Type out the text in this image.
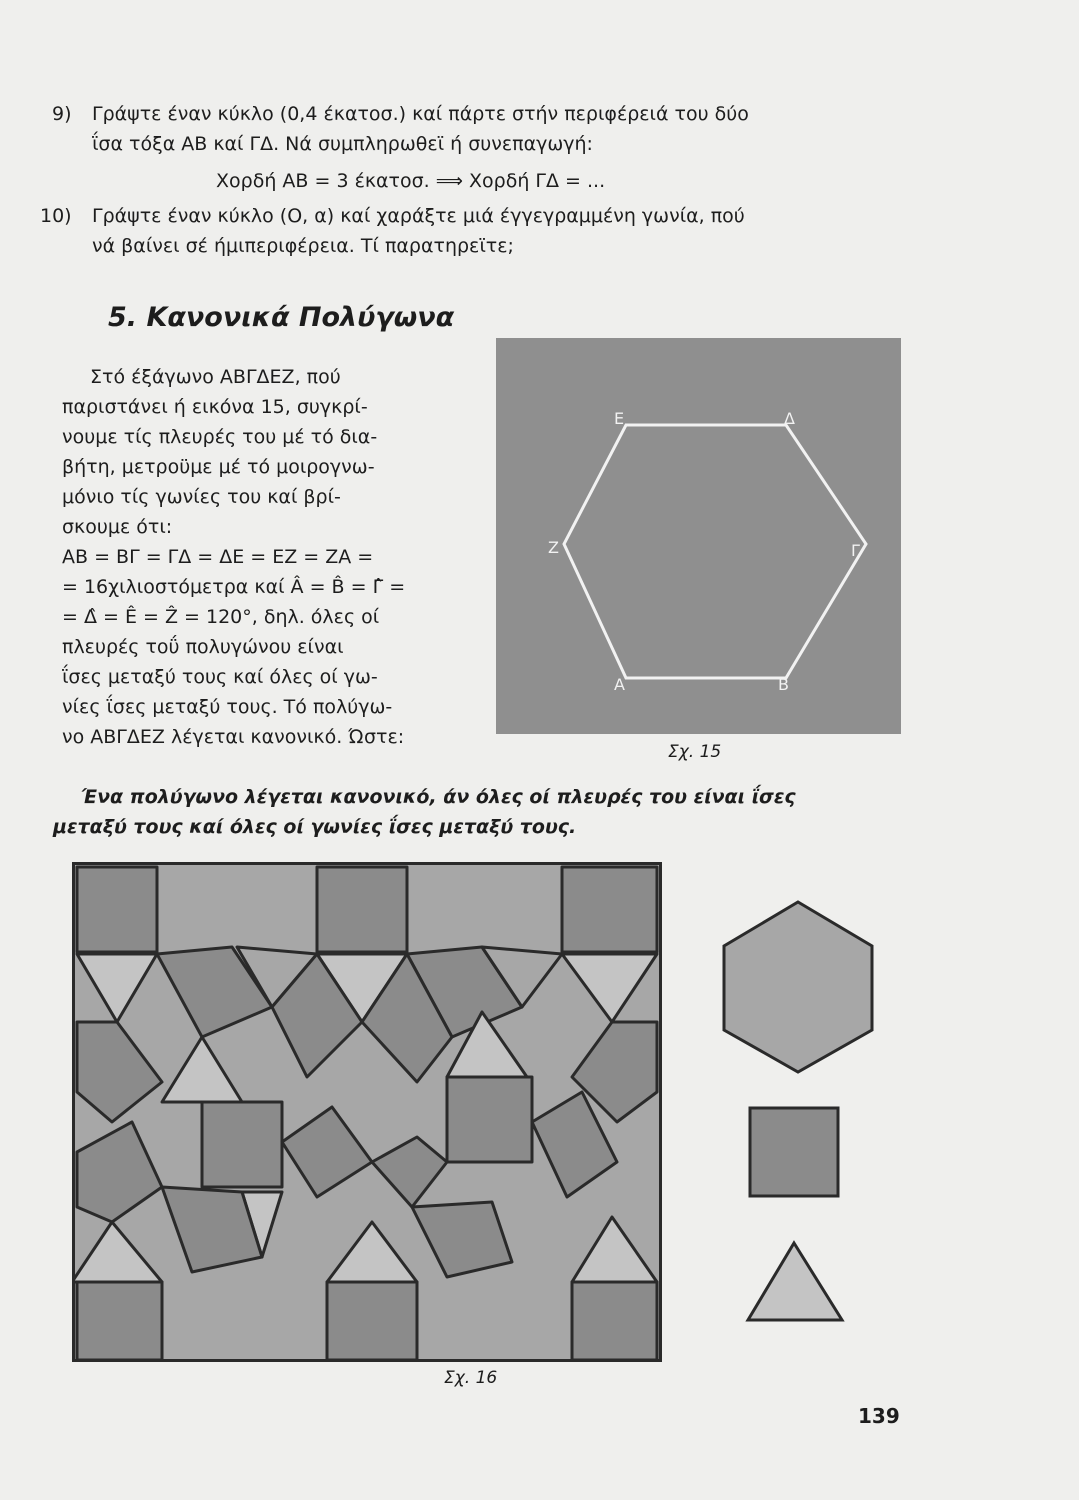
9) Γράψτε έναν κύκλο (0,4 έκατοσ.) καί πάρτε στήν περιφέρειά του δύο
ΐσα τόξα ΑΒ καί ΓΔ. Νά συμπληρωθεϊ ή συνεπαγωγή:
Χορδή ΑΒ = 3 έκατοσ. ⟹ Χορδή ΓΔ = ...
10) Γράψτε έναν κύκλο (Ο, α) καί χαράξτε μιά έγγεγραμμένη γωνία, πού
νά βαίνει σέ ήμιπεριφέρεια. Τί παρατηρεϊτε;
5. Κανονικά Πολύγωνα
Στό έξάγωνο ΑΒΓΔΕΖ, πού
παριστάνει ή εικόνα 15, συγκρί-
νουμε τίς πλευρές του μέ τό δια-
βήτη, μετροϋμε μέ τό μοιρογνω-
μόνιο τίς γωνίες του καί βρί-
σκουμε ότι:
ΑΒ = ΒΓ = ΓΔ = ΔΕ = ΕΖ = ΖΑ =
= 16χιλιοστόμετρα καί Â = B̂ = Γ̂ =
= Δ̂ = Ê = Ẑ = 120°, δηλ. όλες οί
πλευρές τοΰ πολυγώνου είναι
ΐσες μεταξύ τους καί όλες οί γω-
νίες ΐσες μεταξύ τους. Τό πολύγω-
νο ΑΒΓΔΕΖ λέγεται κανονικό. Ώστε:
Α	Β
Γ
Δ
Ε
Ζ
Σχ. 15
Ένα πολύγωνο λέγεται κανονικό, άν όλες οί πλευρές του είναι ΐσες
μεταξύ τους καί όλες οί γωνίες ΐσες μεταξύ τους.
Σχ. 16
139
